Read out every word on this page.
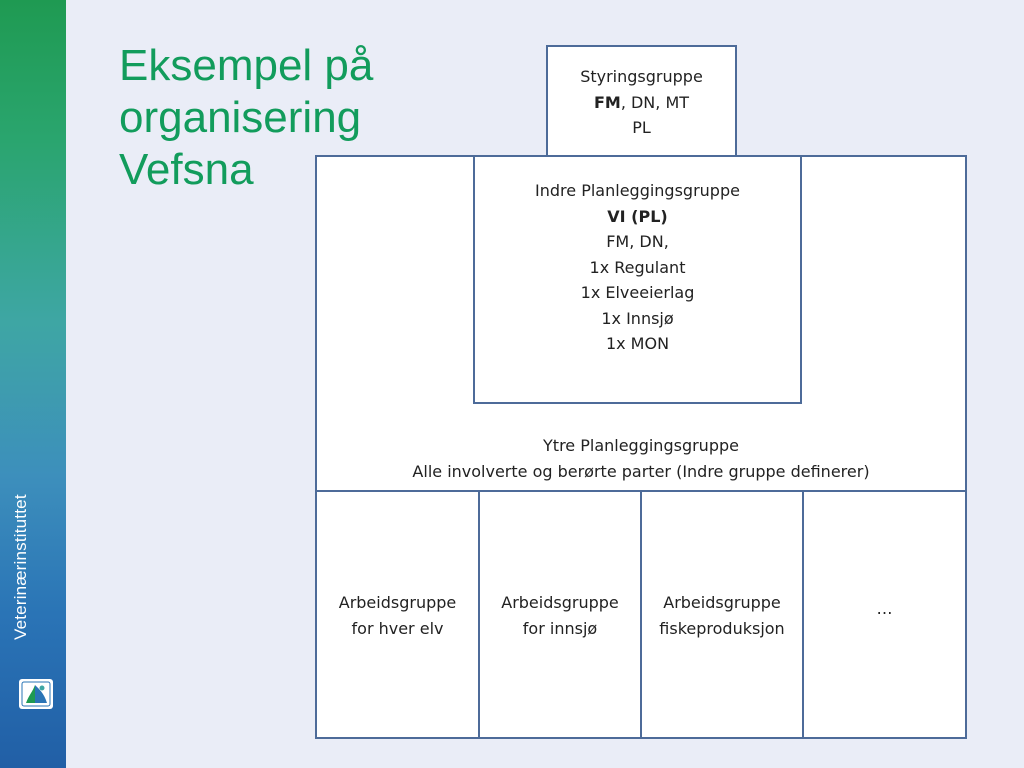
Veterinærinstituttet
Eksempel på
organisering
Vefsna
Ytre Planleggingsgruppe
Alle involverte og berørte parter (Indre gruppe definerer)
Styringsgruppe
FM, DN, MT
PL
Indre Planleggingsgruppe
VI (PL)
FM, DN,
1x Regulant
1x Elveeierlag
1x Innsjø
1x MON
Arbeidsgruppe
for hver elv
Arbeidsgruppe
for innsjø
Arbeidsgruppe
fiskeproduksjon
…
